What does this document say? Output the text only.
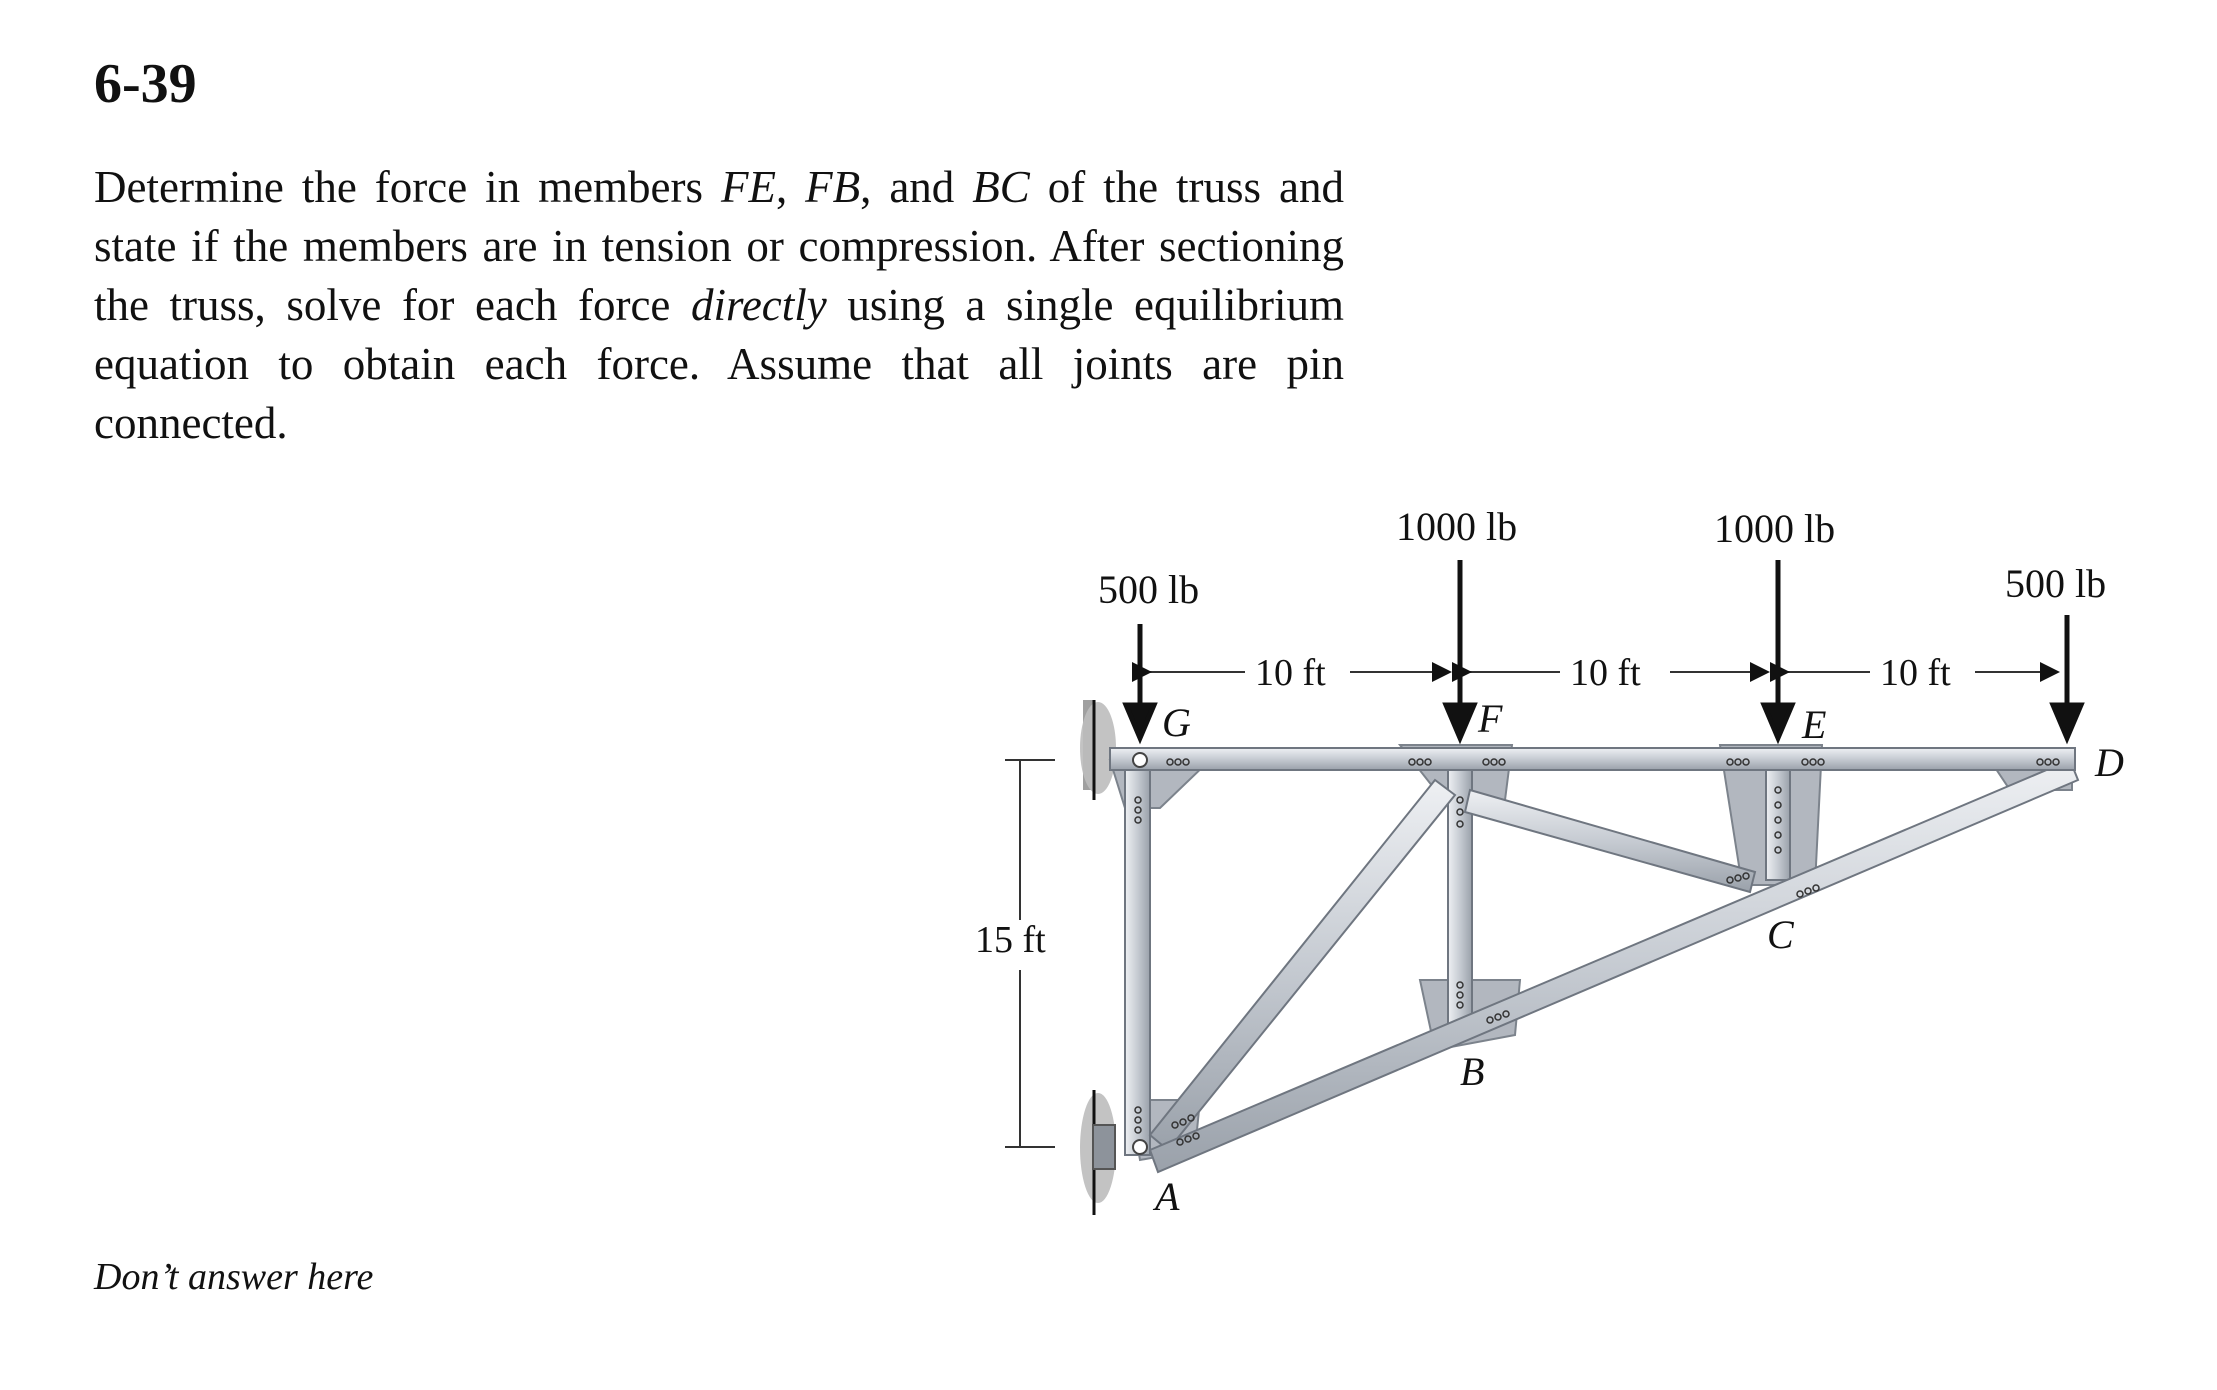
6-39
Determine the force in members FE, FB, and BC of the truss and state if the members are in tension or compression. After sectioning the truss, solve for each force directly using a single equilibrium equation to obtain each force. Assume that all joints are pin connected.
500 lb
1000 lb	1000 lb
500 lb
10 ft	10 ft	10 ft
15 ft
G	F	E
D
A
B
C
Don’t answer here
